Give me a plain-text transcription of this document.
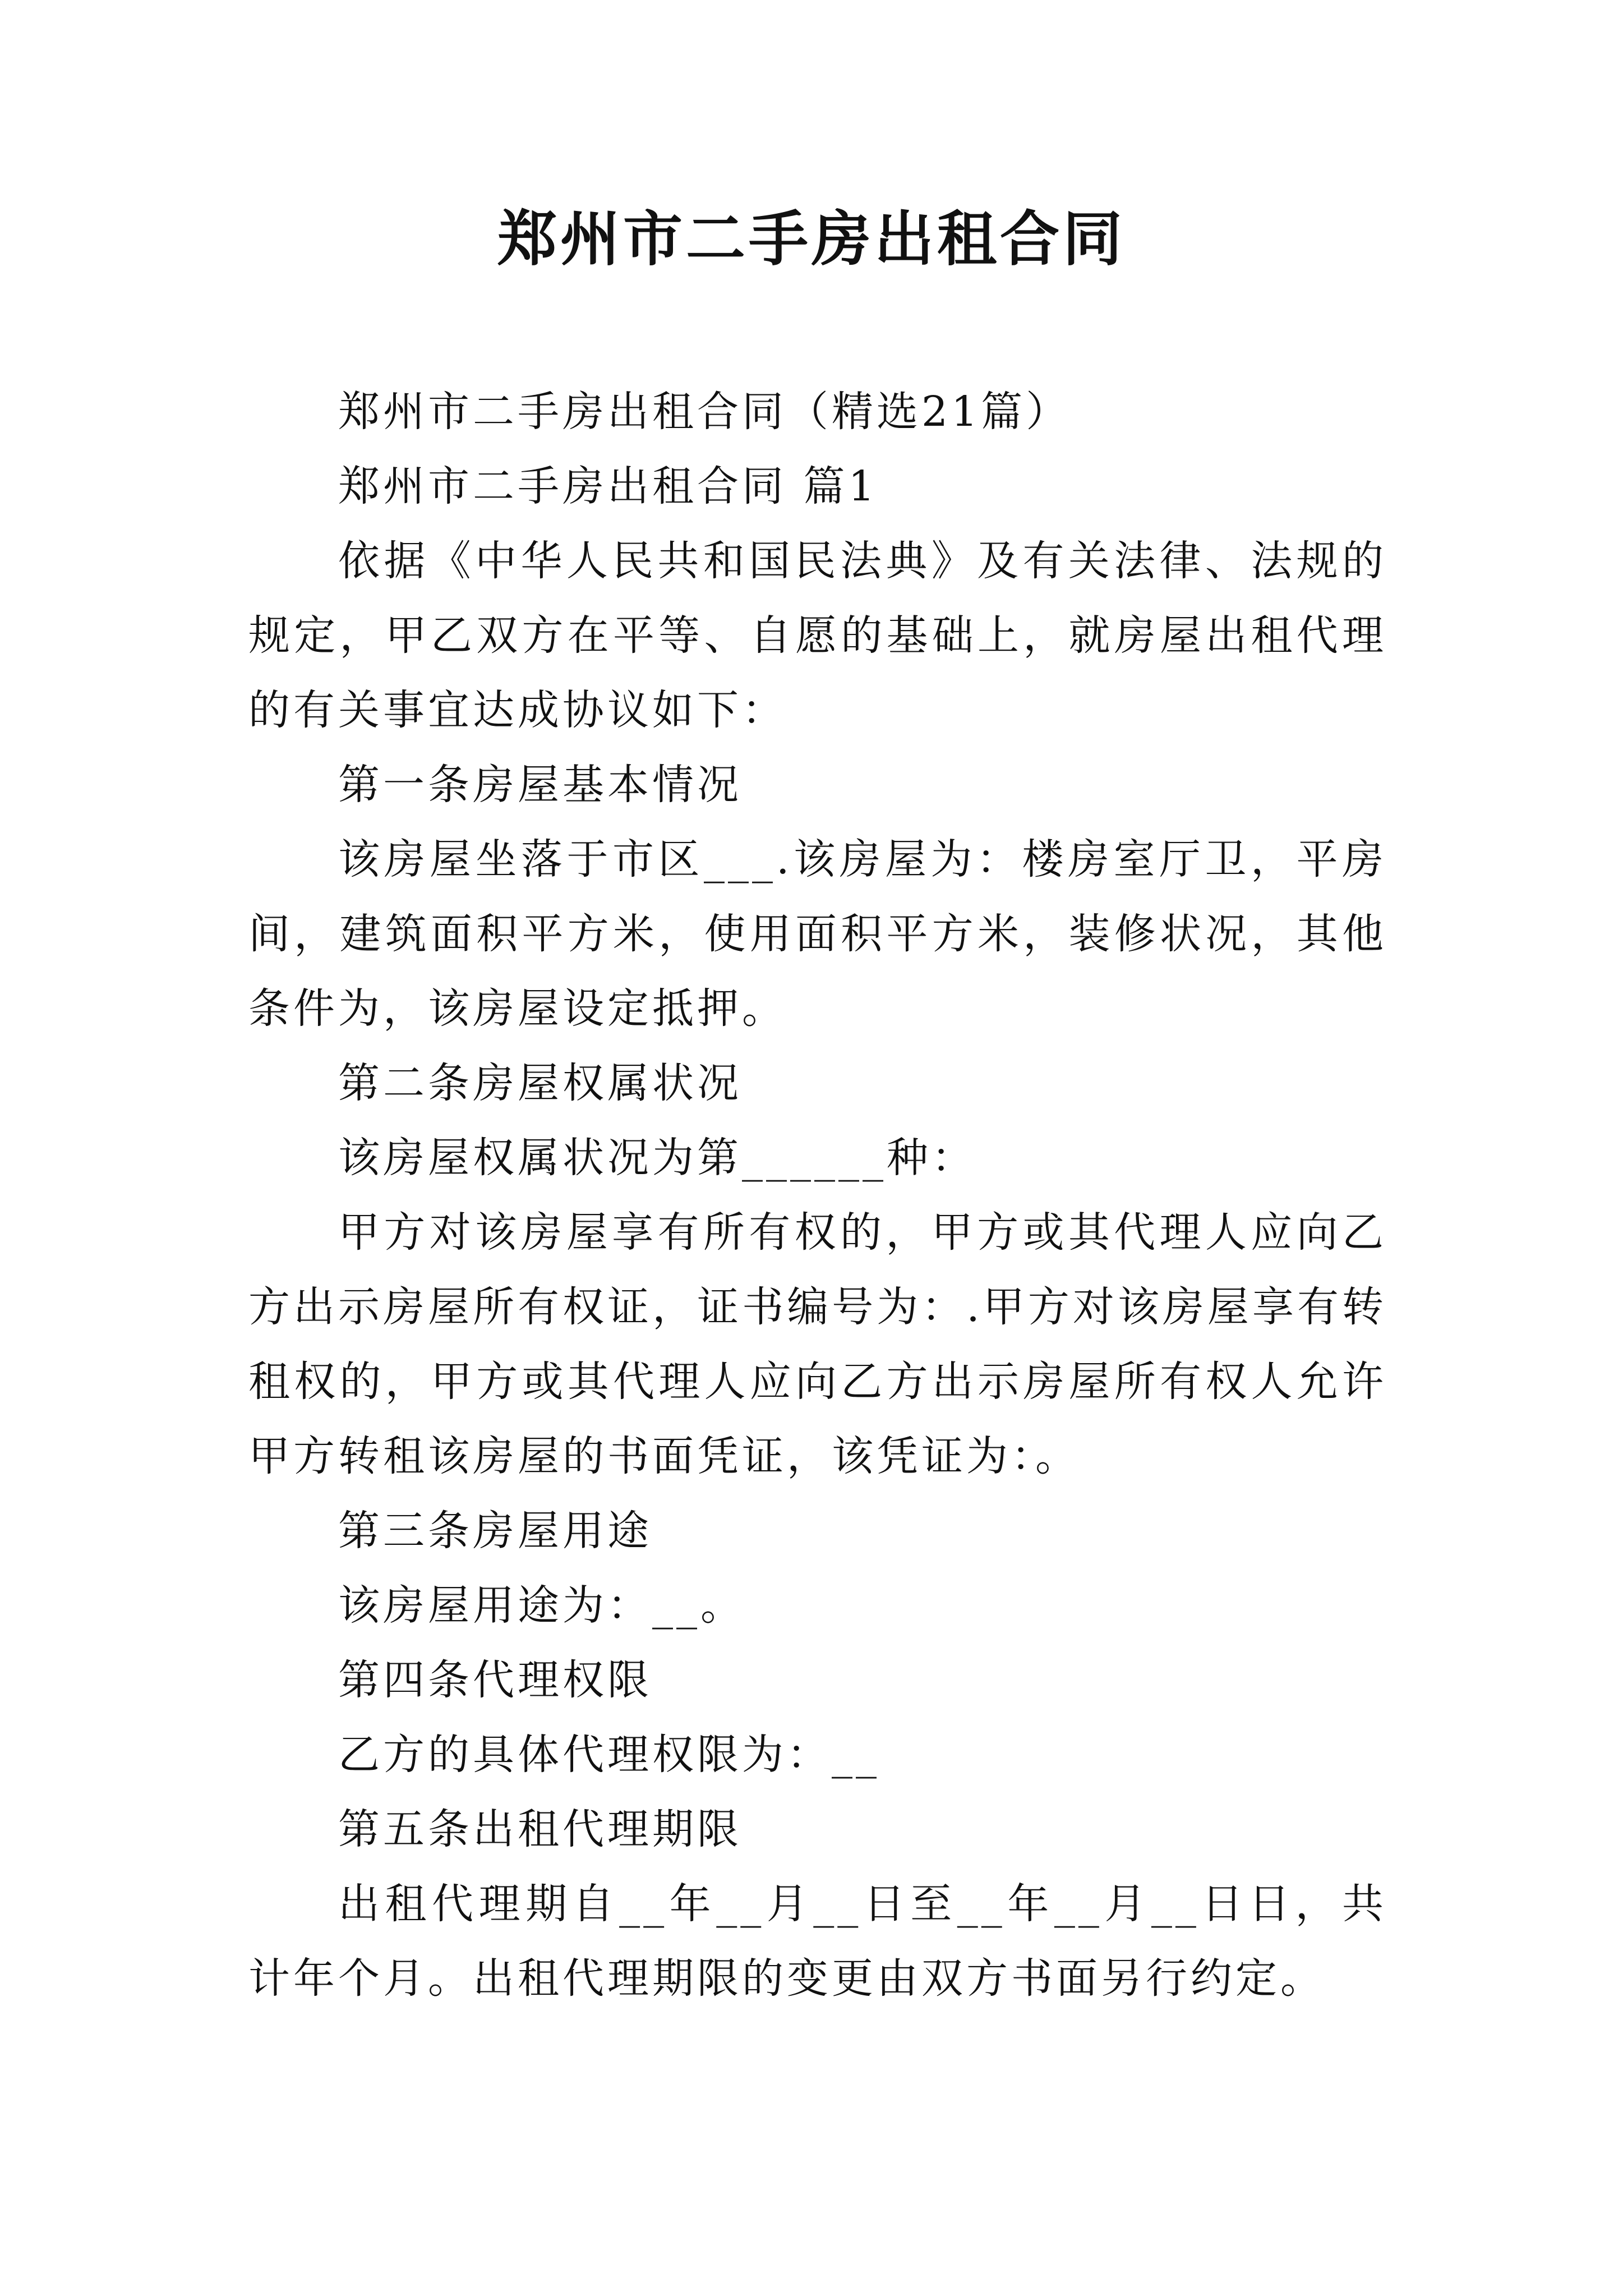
郑州市二手房出租合同

郑州市二手房出租合同（精选21篇）

郑州市二手房出租合同 篇1

依据《中华人民共和国民法典》及有关法律、法规的规定，甲乙双方在平等、自愿的基础上，就房屋出租代理的有关事宜达成协议如下：

第一条房屋基本情况

该房屋坐落于市区___.该房屋为：楼房室厅卫，平房间，建筑面积平方米，使用面积平方米，装修状况，其他条件为，该房屋设定抵押。

第二条房屋权属状况

该房屋权属状况为第______种：

甲方对该房屋享有所有权的，甲方或其代理人应向乙方出示房屋所有权证，证书编号为：.甲方对该房屋享有转租权的，甲方或其代理人应向乙方出示房屋所有权人允许甲方转租该房屋的书面凭证，该凭证为：。

第三条房屋用途

该房屋用途为：__。

第四条代理权限

乙方的具体代理权限为：__

第五条出租代理期限

出租代理期自__年__月__日至__年__月__日日，共计年个月。出租代理期限的变更由双方书面另行约定。
